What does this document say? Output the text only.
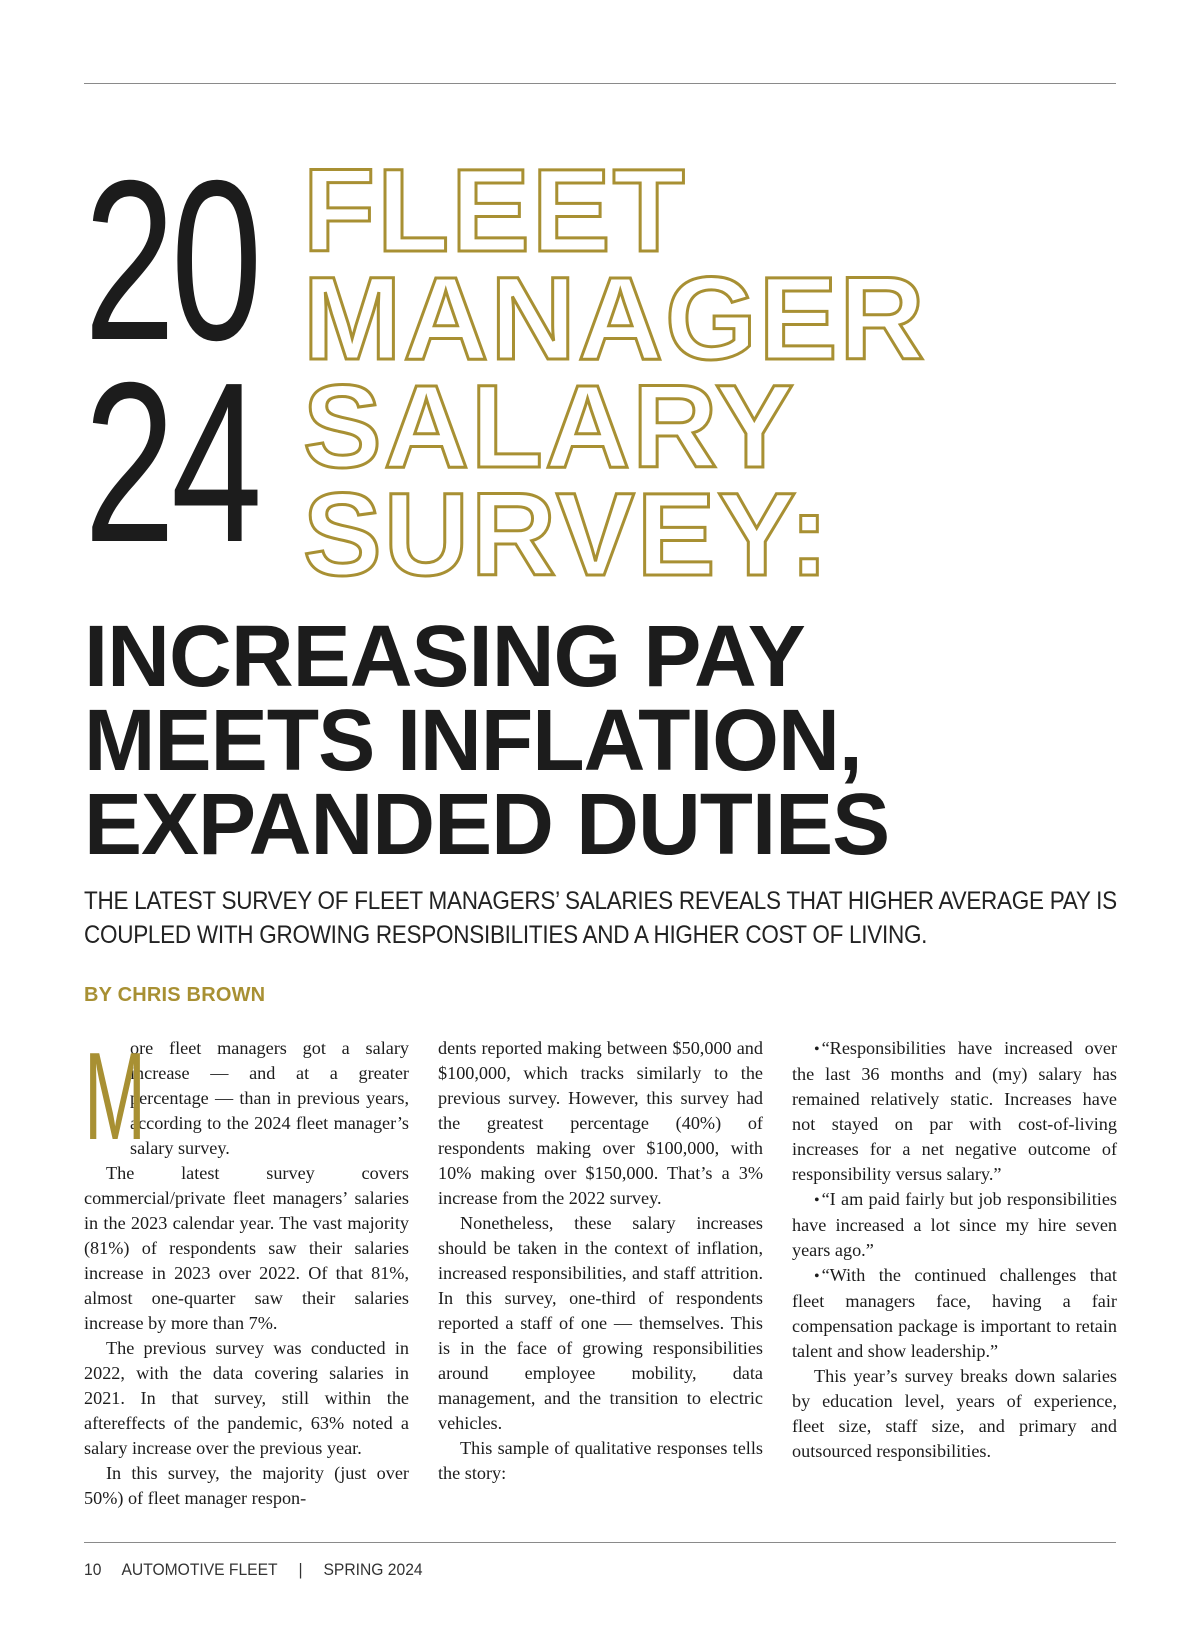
20
24
FLEET
MANAGER
SALARY
SURVEY:
INCREASING PAY
MEETS INFLATION,
EXPANDED DUTIES
THE LATEST SURVEY OF FLEET MANAGERS’ SALARIES REVEALS THAT HIGHER AVERAGE PAY IS
COUPLED WITH GROWING RESPONSIBILITIES AND A HIGHER COST OF LIVING.
BY CHRIS BROWN
M

ore fleet managers got a salary increase — and at a greater percentage — than in previous years, according to the 2024 fleet manager’s salary survey.

The latest survey covers commercial/private fleet managers’ salaries in the 2023 calendar year. The vast majority (81%) of respondents saw their salaries increase in 2023 over 2022. Of that 81%, almost one-quarter saw their salaries increase by more than 7%.

The previous survey was conducted in 2022, with the data covering salaries in 2021. In that survey, still within the aftereffects of the pandemic, 63% noted a salary increase over the previous year.

In this survey, the majority (just over 50%) of fleet manager respon-

dents reported making between $50,000 and $100,000, which tracks similarly to the previous survey. However, this survey had the greatest percentage (40%) of respondents making over $100,000, with 10% making over $150,000. That’s a 3% increase from the 2022 survey.

Nonetheless, these salary increases should be taken in the context of inflation, increased responsibilities, and staff attrition. In this survey, one-third of respondents reported a staff of one — themselves. This is in the face of growing responsibilities around employee mobility, data management, and the transition to electric vehicles.

This sample of qualitative responses tells the story:

• “Responsibilities have increased over the last 36 months and (my) salary has remained relatively static. Increases have not stayed on par with cost-of-living increases for a net negative outcome of responsibility versus salary.”

• “I am paid fairly but job responsibilities have increased a lot since my hire seven years ago.”

• “With the continued challenges that fleet managers face, having a fair compensation package is important to retain talent and show leadership.”

This year’s survey breaks down salaries by education level, years of experience, fleet size, staff size, and primary and outsourced responsibilities.

10 AUTOMOTIVE FLEET | SPRING 2024
